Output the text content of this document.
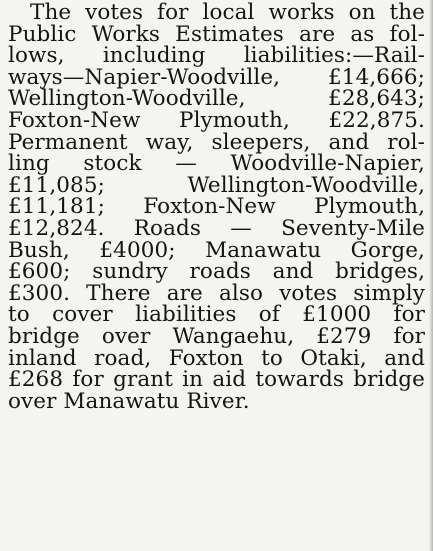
The votes for local works on the
Public Works Estimates are as fol-
lows, including liabilities:—Rail-
ways—Napier-Woodville, £14,666;
Wellington-Woodville, £28,643;
Foxton-New Plymouth, £22,875.
Permanent way, sleepers, and rol-
ling stock — Woodville-Napier,
£11,085; Wellington-Woodville,
£11,181; Foxton-New Plymouth,
£12,824. Roads — Seventy-Mile
Bush, £4000; Manawatu Gorge,
£600; sundry roads and bridges,
£300. There are also votes simply
to cover liabilities of £1000 for
bridge over Wangaehu, £279 for
inland road, Foxton to Otaki, and
£268 for grant in aid towards bridge
over Manawatu River.
